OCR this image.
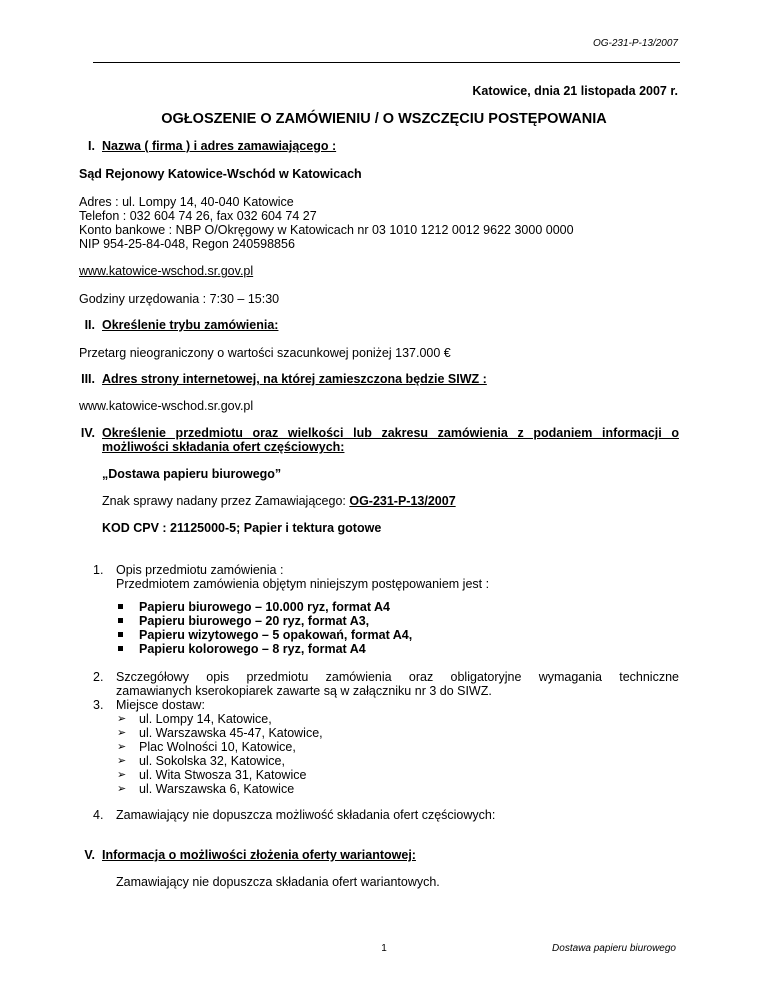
OG-231-P-13/2007
Katowice, dnia 21 listopada 2007 r.
OGŁOSZENIE O ZAMÓWIENIU / O WSZCZĘCIU POSTĘPOWANIA
I. Nazwa ( firma ) i adres zamawiającego :
Sąd Rejonowy Katowice-Wschód w Katowicach
Adres : ul. Lompy 14, 40-040 Katowice
Telefon : 032 604 74 26, fax 032 604 74 27
Konto bankowe : NBP O/Okręgowy w Katowicach nr 03 1010 1212 0012 9622 3000 0000
NIP 954-25-84-048, Regon 240598856
www.katowice-wschod.sr.gov.pl
Godziny urzędowania : 7:30 – 15:30
II. Określenie trybu zamówienia:
Przetarg nieograniczony o wartości szacunkowej poniżej 137.000 €
III. Adres strony internetowej, na której zamieszczona będzie SIWZ :
www.katowice-wschod.sr.gov.pl
IV. Określenie przedmiotu oraz wielkości lub zakresu zamówienia z podaniem informacji o
możliwości składania ofert częściowych:
„Dostawa papieru biurowego”
Znak sprawy nadany przez Zamawiającego: OG-231-P-13/2007
KOD CPV : 21125000-5; Papier i tektura gotowe
1. Opis przedmiotu zamówienia :
Przedmiotem zamówienia objętym niniejszym postępowaniem jest :
Papieru biurowego – 10.000 ryz, format A4
Papieru biurowego – 20 ryz, format A3,
Papieru wizytowego – 5 opakowań, format A4,
Papieru kolorowego – 8 ryz, format A4
2. Szczegółowy opis przedmiotu zamówienia oraz obligatoryjne wymagania techniczne
zamawianych kserokopiarek zawarte są w załączniku nr 3 do SIWZ.
3. Miejsce dostaw:
➢ ul. Lompy 14, Katowice,
➢ ul. Warszawska 45-47, Katowice,
➢ Plac Wolności 10, Katowice,
➢ ul. Sokolska 32, Katowice,
➢ ul. Wita Stwosza 31, Katowice
➢ ul. Warszawska 6, Katowice
4. Zamawiający nie dopuszcza możliwość składania ofert częściowych:
V. Informacja o możliwości złożenia oferty wariantowej:
Zamawiający nie dopuszcza składania ofert wariantowych.
1	Dostawa papieru biurowego
